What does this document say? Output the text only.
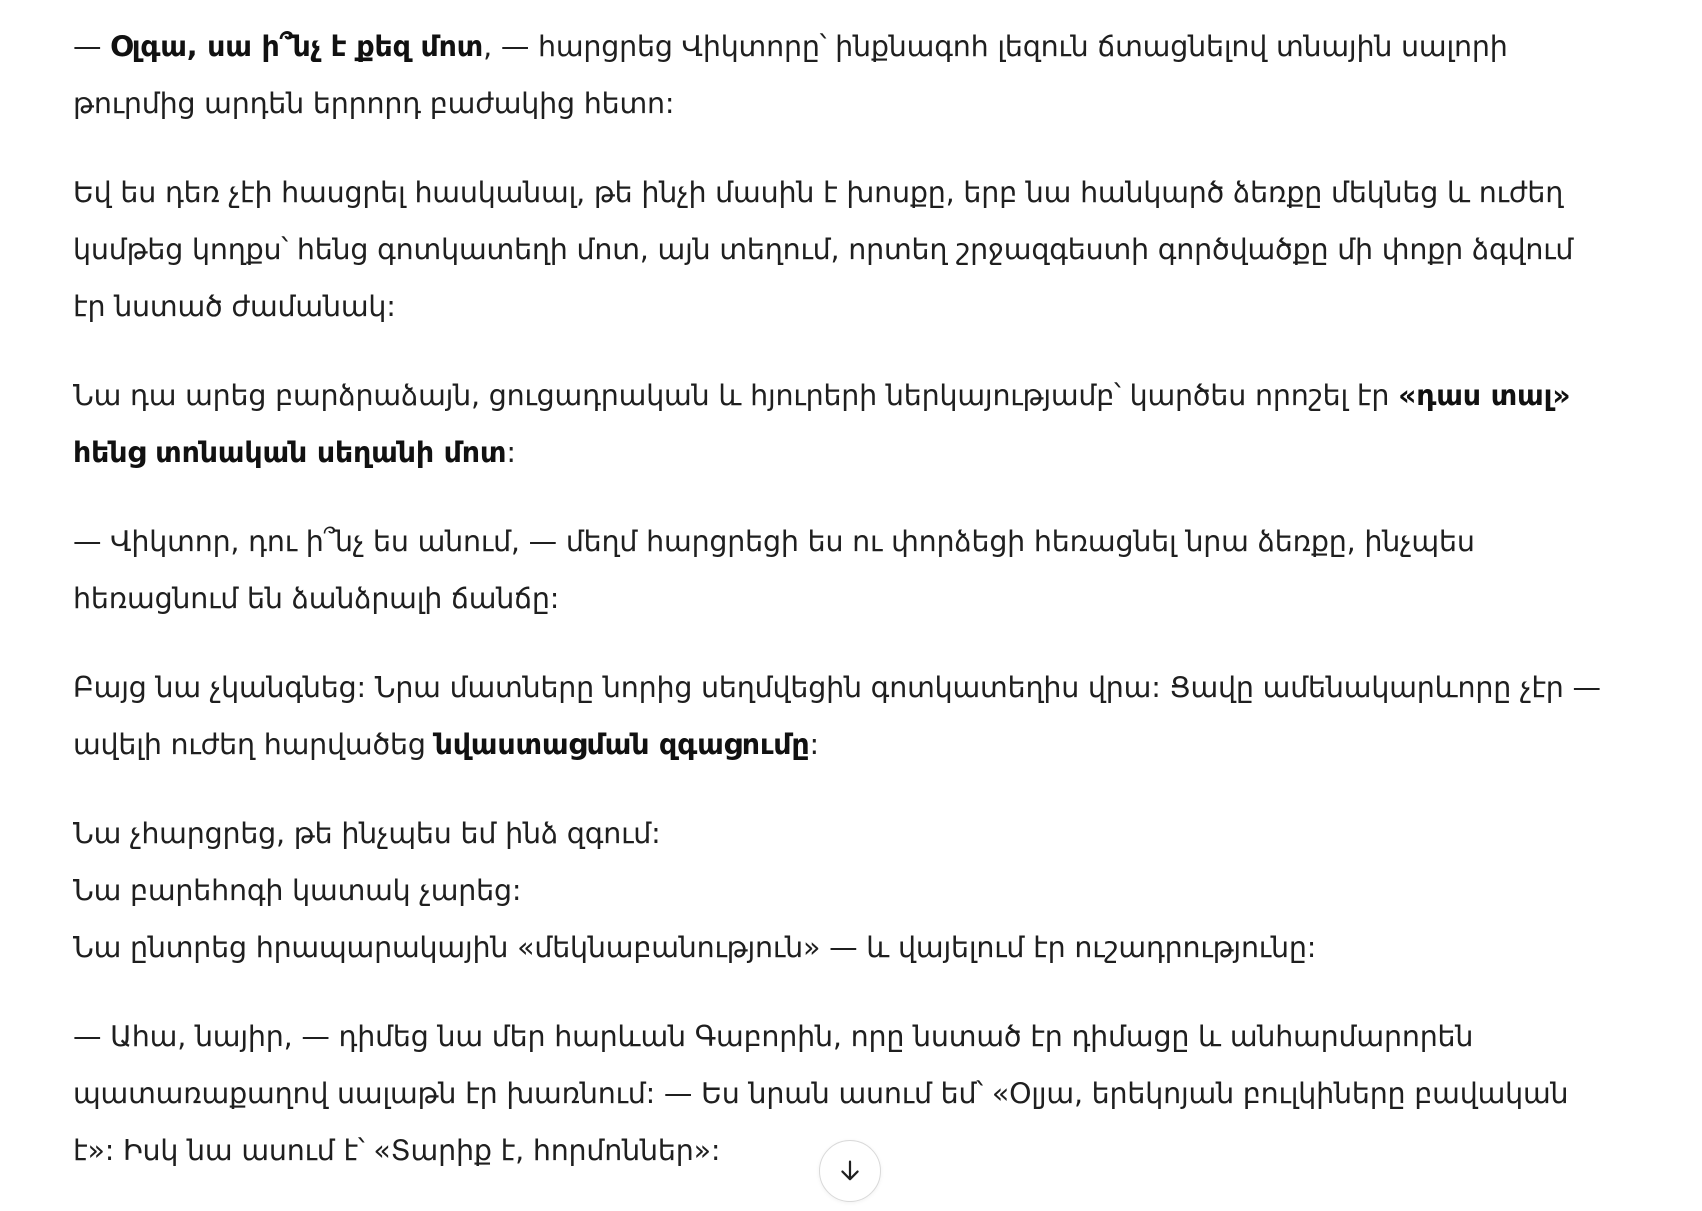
— Օլգա, սա ի՞նչ է քեզ մոտ, — հարցրեց Վիկտորը՝ ինքնագոհ լեզուն ճտացնելով տնային սալորի
թուրմից արդեն երրորդ բաժակից հետո:
Եվ ես դեռ չէի հասցրել հասկանալ, թե ինչի մասին է խոսքը, երբ նա հանկարծ ձեռքը մեկնեց և ուժեղ
կսմթեց կողքս՝ հենց գոտկատեղի մոտ, այն տեղում, որտեղ շրջազգեստի գործվածքը մի փոքր ձգվում
էր նստած ժամանակ:
Նա դա արեց բարձրաձայն, ցուցադրական և հյուրերի ներկայությամբ՝ կարծես որոշել էր «դաս տալ»
հենց տոնական սեղանի մոտ:
— Վիկտոր, դու ի՞նչ ես անում, — մեղմ հարցրեցի ես ու փորձեցի հեռացնել նրա ձեռքը, ինչպես
հեռացնում են ձանձրալի ճանճը:
Բայց նա չկանգնեց: Նրա մատները նորից սեղմվեցին գոտկատեղիս վրա: Ցավը ամենակարևորը չէր —
ավելի ուժեղ հարվածեց նվաստացման զգացումը:
Նա չհարցրեց, թե ինչպես եմ ինձ զգում:
Նա բարեհոգի կատակ չարեց:
Նա ընտրեց հրապարակային «մեկնաբանություն» — և վայելում էր ուշադրությունը:
— Ահա, նայիր, — դիմեց նա մեր հարևան Գաբորին, որը նստած էր դիմացը և անհարմարորեն
պատառաքաղով սալաթն էր խառնում: — Ես նրան ասում եմ՝ «Օլյա, երեկոյան բուլկիները բավական
է»: Իսկ նա ասում է՝ «Տարիք է, հորմոններ»:
